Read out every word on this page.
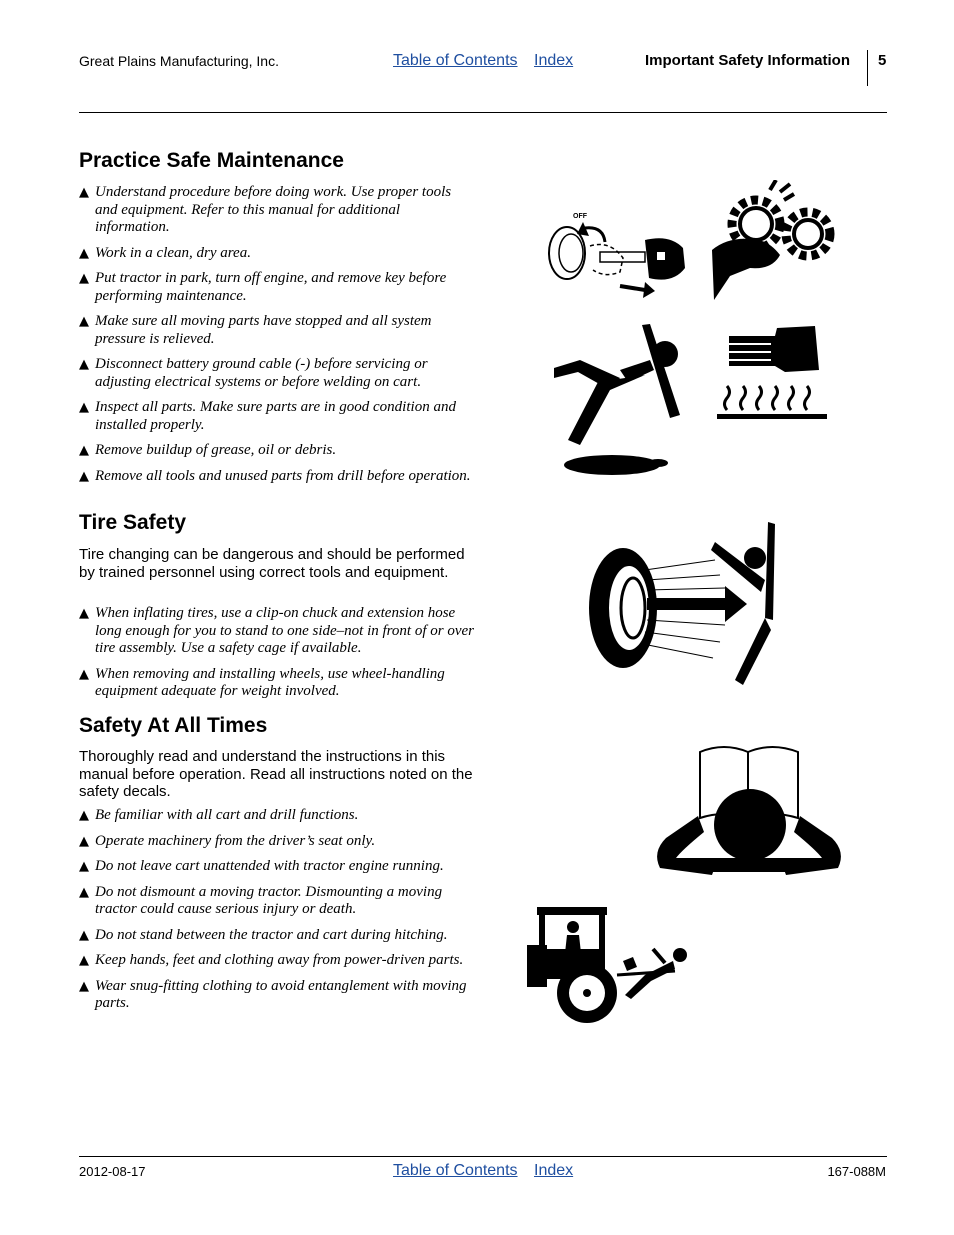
Great Plains Manufacturing, Inc.	Table of Contents Index	Important Safety Information 5
Practice Safe Maintenance
▲ Understand procedure before doing work. Use proper tools and equipment. Refer to this manual for additional information.
▲ Work in a clean, dry area.
▲ Put tractor in park, turn off engine, and remove key before performing maintenance.
▲ Make sure all moving parts have stopped and all system pressure is relieved.
▲ Disconnect battery ground cable (-) before servicing or adjusting electrical systems or before welding on cart.
▲ Inspect all parts. Make sure parts are in good condition and installed properly.
▲ Remove buildup of grease, oil or debris.
▲ Remove all tools and unused parts from drill before operation.
Tire Safety

Tire changing can be dangerous and should be performed by trained personnel using correct tools and equipment.

▲ When inflating tires, use a clip-on chuck and extension hose long enough for you to stand to one side–not in front of or over tire assembly. Use a safety cage if available.
▲ When removing and installing wheels, use wheel-handling equipment adequate for weight involved.
Safety At All Times

Thoroughly read and understand the instructions in this manual before operation. Read all instructions noted on the safety decals.

▲ Be familiar with all cart and drill functions.
▲ Operate machinery from the driver’s seat only.
▲ Do not leave cart unattended with tractor engine running.
▲ Do not dismount a moving tractor. Dismounting a moving tractor could cause serious injury or death.
▲ Do not stand between the tractor and cart during hitching.
▲ Keep hands, feet and clothing away from power-driven parts.
▲ Wear snug-fitting clothing to avoid entanglement with moving parts.
OFF
2012-08-17	Table of Contents Index	167-088M
